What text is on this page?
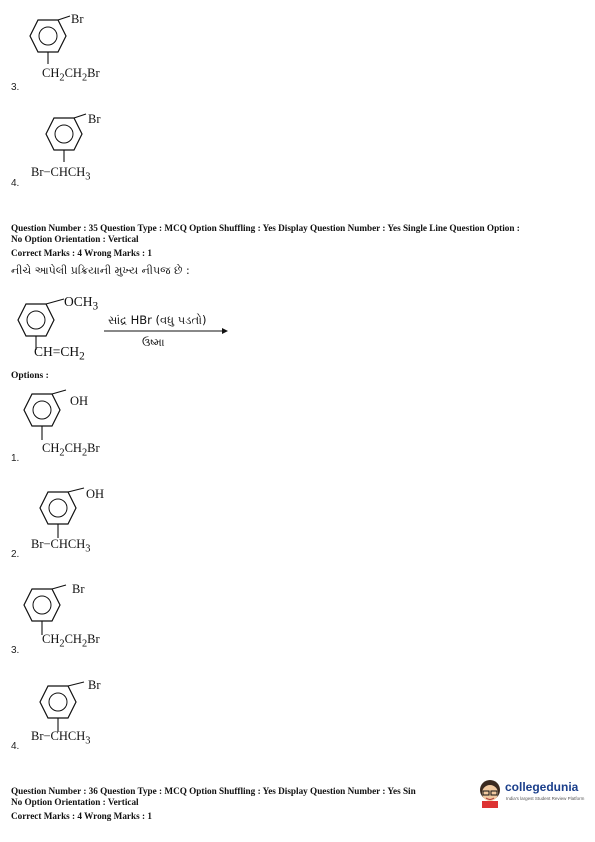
Br
$CH_2CH_2Br$
3.
Br
$Br-CHCH_3$
4.
Question Number : 35 Question Type : MCQ Option Shuffling : Yes Display Question Number : Yes Single Line Question Option :
No Option Orientation : Vertical
Correct Marks : 4 Wrong Marks : 1
નીચે આપેલી પ્રક્રિયાની મુખ્ય નીપજ છે :
$OCH_3$
$CH=CH_2$
સાંદ્ર HBr (વધુ પડતો)
ઉષ્મા
Options :
OH
$CH_2CH_2Br$
1.
OH
$Br-CHCH_3$
2.
Br
$CH_2CH_2Br$
3.
Br
$Br-CHCH_3$
4.
Question Number : 36 Question Type : MCQ Option Shuffling : Yes Display Question Number : Yes Sin
No Option Orientation : Vertical
Correct Marks : 4 Wrong Marks : 1
collegedunia
India's largest Student Review Platform
